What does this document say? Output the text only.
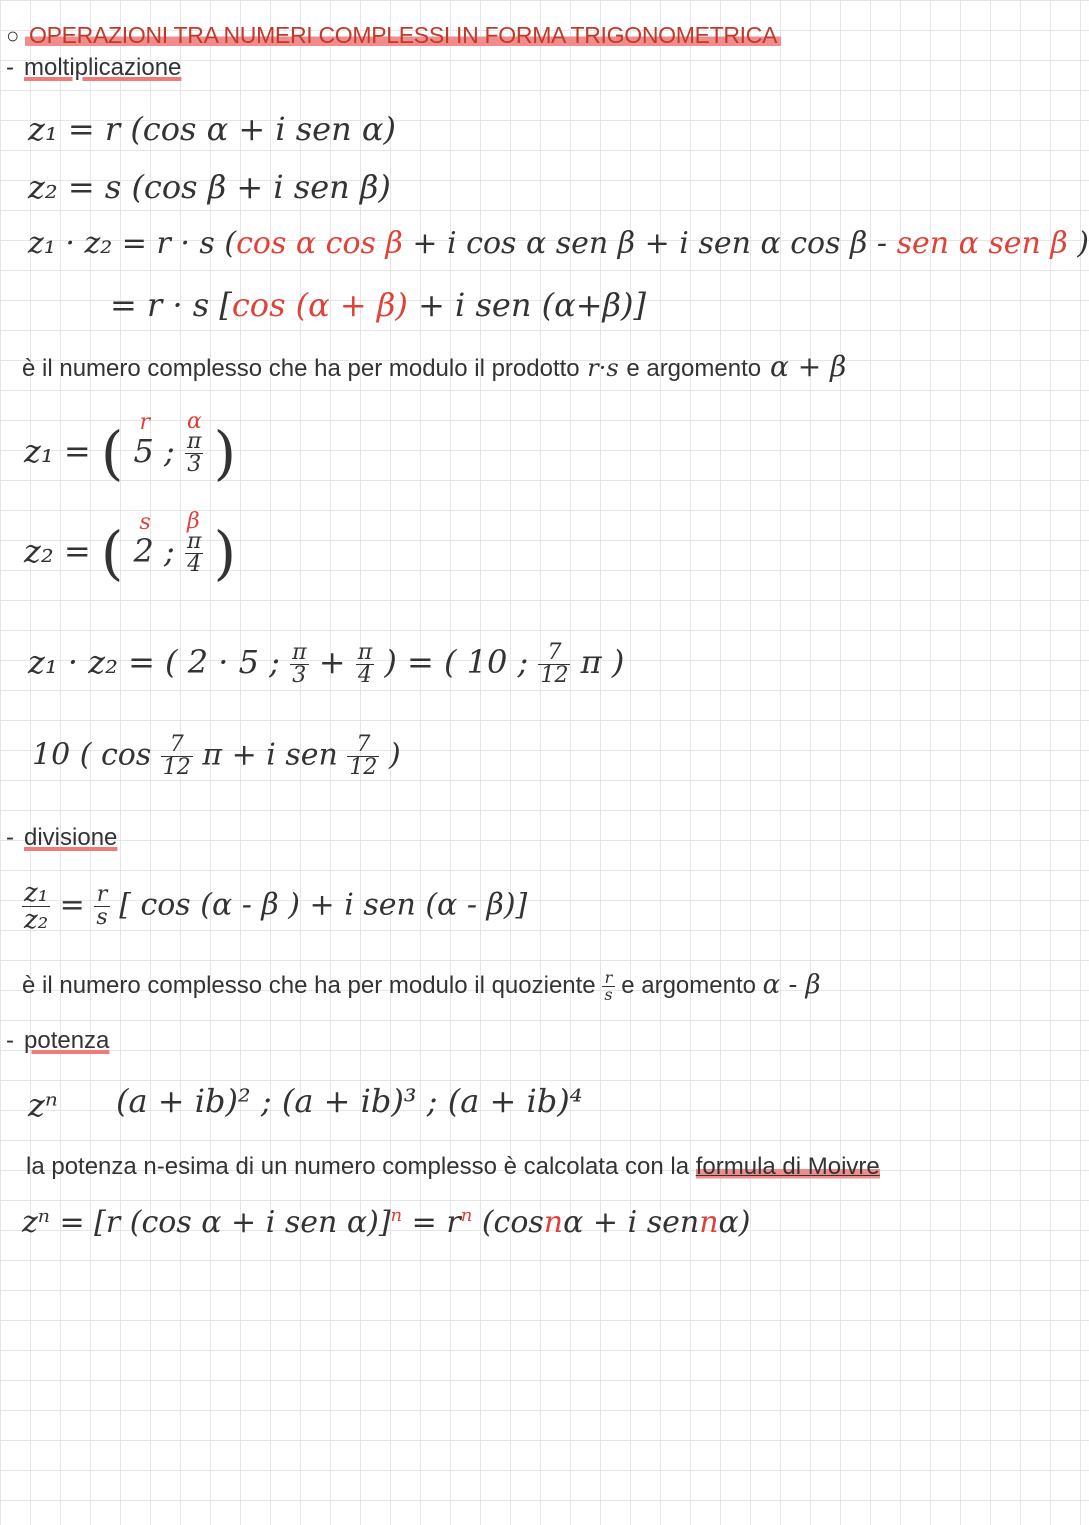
○ OPERAZIONI TRA NUMERI COMPLESSI IN FORMA TRIGONOMETRICA
- moltiplicazione
z₁ = r (cos α + i sen α)
z₂ = s (cos β + i sen β)
z₁ · z₂ = r · s (cos α cos β + i cos α sen β + i sen α cos β - sen α sen β )
= r · s [cos (α + β) + i sen (α+β)]
è il numero complesso che ha per modulo il prodotto r·s e argomento α + β
z₁ = ( r
5 ;
α
$\frac{\pi}{3}$ )
z₂ = ( s
2 ;
β
$\frac{\pi}{4}$ )
z₁ · z₂ = ( 2 · 5 ; $\frac{\pi}{3} + \frac{\pi}{4}$ ) = ( 10 ; $\frac{7}{12}$ π )
10 ( $\cos \frac{7}{12}$ π + i sen $\frac{7}{12}$ )
- divisione
$\frac{\text{z₁}}{\text{z₂}} = \frac{r}{s}$ [ cos (α - β ) + i sen (α - β)]
è il numero complesso che ha per modulo il quoziente $\frac{r}{s}$ e argomento α - β
- potenza
zⁿ (a + ib)² ; (a + ib)³ ; (a + ib)⁴
la potenza n-esima di un numero complesso è calcolata con la formula di Moivre
zⁿ = [r (cos α + i sen $\alpha)]^n = r^n$ (cosnα + i sennα)
